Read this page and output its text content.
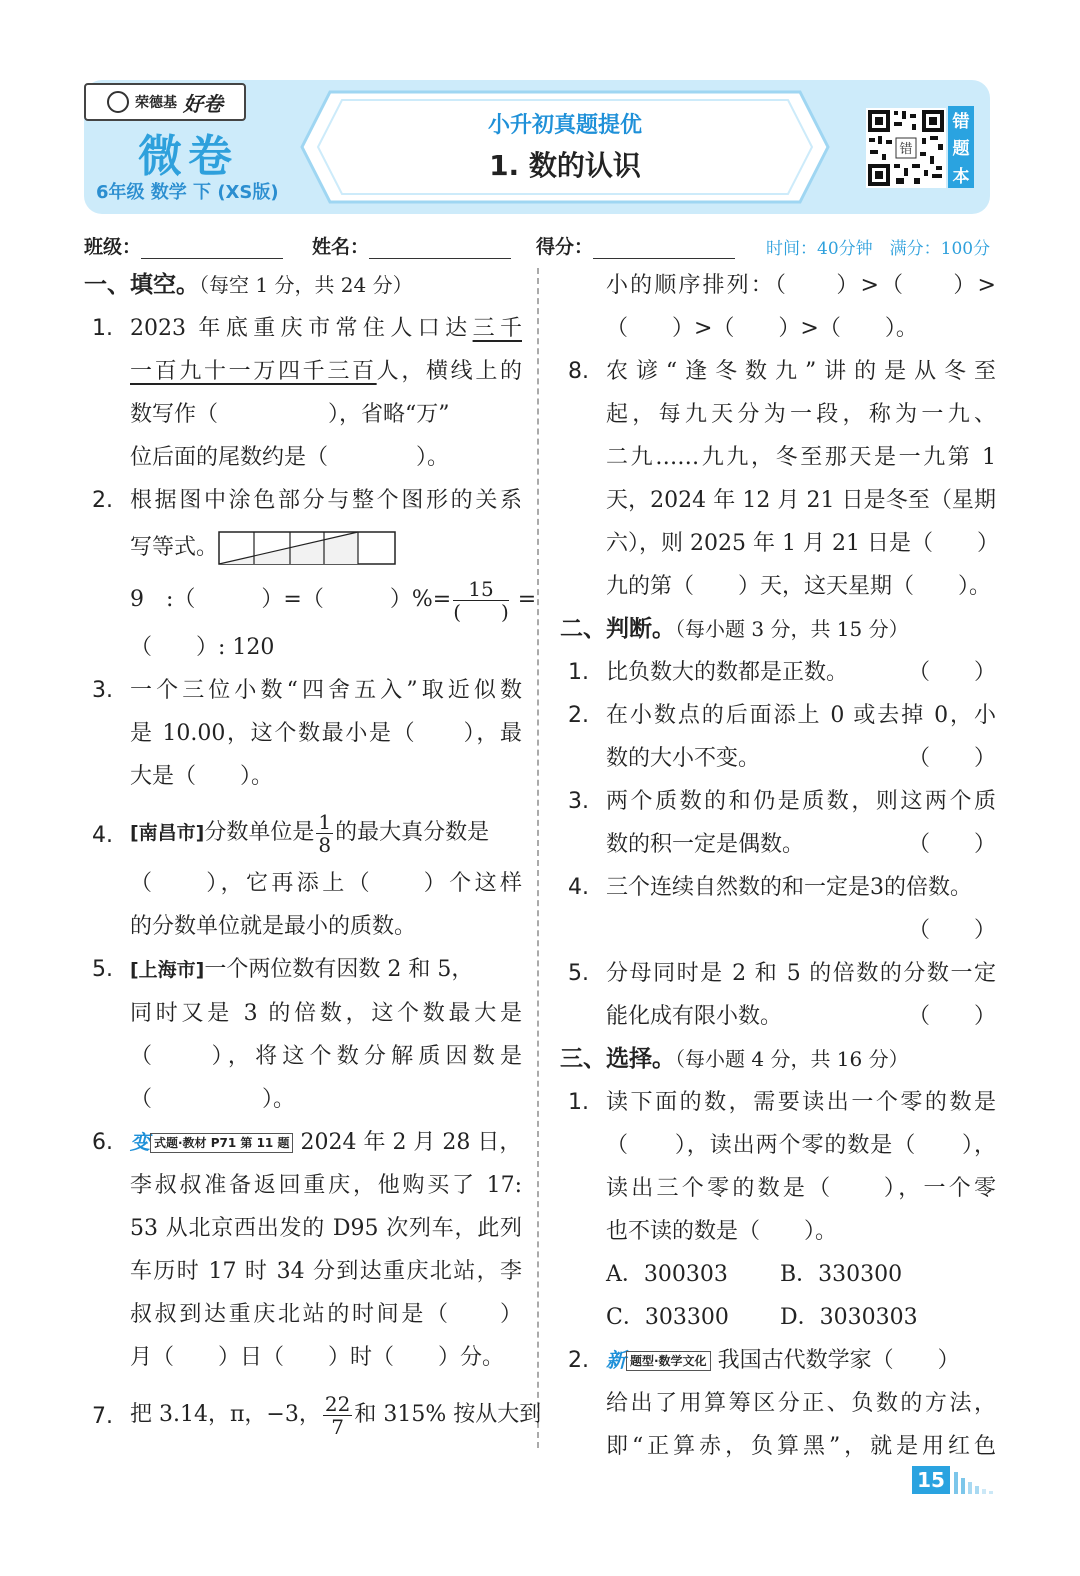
荣德基 好卷
微卷
6年级 数学 下 (XS版)
小升初真题提优
1. 数的认识	错
错
题
本
班级：	姓名：	得分：	时间：40分钟　满分：100分
一、填空。（每空 1 分，共 24 分）
1. 2023 年底重庆市常住人口达三千
一百九十一万四千三百人，横线上的
数写作（　　　　　），省略“万”
位后面的尾数约是（　　　　）。
2. 根据图中涂色部分与整个图形的关系
写等式。
9　:（　　　）=（　　　）%= $\frac{15}{( )}$ =
（　　）: 120
3. 一个三位小数“四舍五入”取近似数
是 10.00，这个数最小是（　　），最
大是（　　）。
4. [南昌市]分数单位是 $\frac{1}{8}$ 的最大真分数是
（　　），它再添上（　　）个这样
的分数单位就是最小的质数。
5. [上海市]一个两位数有因数 2 和 5，
同时又是 3 的倍数，这个数最大是
（　　），将这个数分解质因数是
（　　　　　）。
6. 变 式题·教材 P71 第 11 题 2024 年 2 月 28 日，
李叔叔准备返回重庆，他购买了 17:
53 从北京西出发的 D95 次列车，此列
车历时 17 时 34 分到达重庆北站，李
叔叔到达重庆北站的时间是（　　）
月（　　）日（　　）时（　　）分。
7. 把 3.14，π，−3， $\frac{22}{7}$ 和 315% 按从大到
小的顺序排列：（　　）>（　　）>
（　　）>（　　）>（　　）。
8. 农谚“逢冬数九”讲的是从冬至
起，每九天分为一段，称为一九、
二九……九九，冬至那天是一九第 1
天，2024 年 12 月 21 日是冬至（星期
六），则 2025 年 1 月 21 日是（　　）
九的第（　　）天，这天星期（　　）。
二、判断。（每小题 3 分，共 15 分）
1. 比负数大的数都是正数。	（　　）
2. 在小数点的后面添上 0 或去掉 0，小
数的大小不变。	（　　）
3. 两个质数的和仍是质数，则这两个质
数的积一定是偶数。	（　　）
4. 三个连续自然数的和一定是3的倍数。
（　　）
5. 分母同时是 2 和 5 的倍数的分数一定
能化成有限小数。	（　　）
三、选择。（每小题 4 分，共 16 分）
1. 读下面的数，需要读出一个零的数是
（　　），读出两个零的数是（　　），
读出三个零的数是（　　），一个零
也不读的数是（　　）。
A．300303	B．330300
C．303300	D．3030303
2. 新 题型·数学文化 我国古代数学家（　　）
给出了用算筹区分正、负数的方法，
即“正算赤，负算黑”，就是用红色
15
